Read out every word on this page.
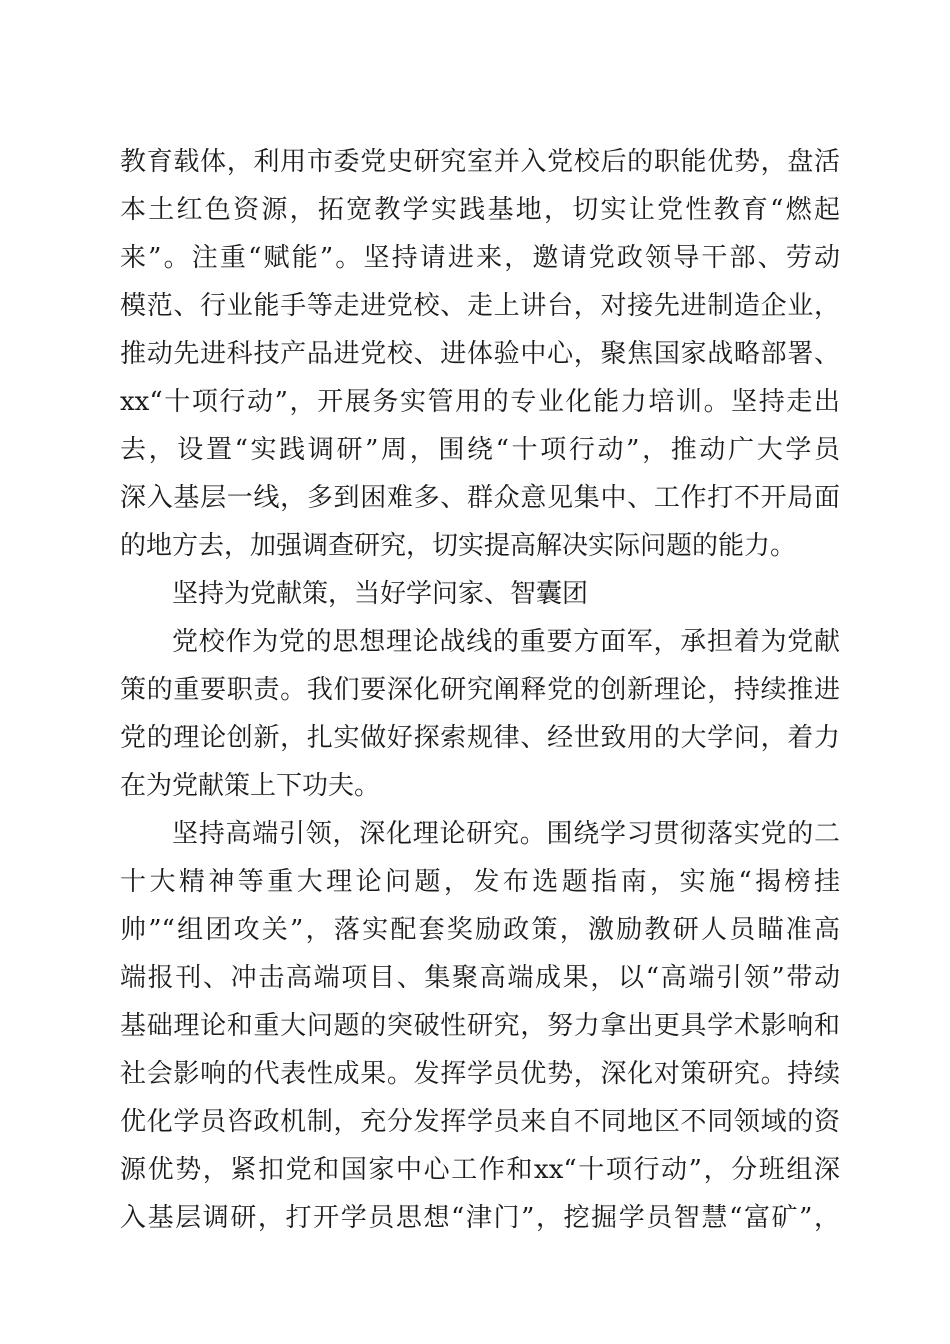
教育载体，利用市委党史研究室并入党校后的职能优势，盘活
本土红色资源，拓宽教学实践基地，切实让党性教育“燃起
来”。注重“赋能”。坚持请进来，邀请党政领导干部、劳动
模范、行业能手等走进党校、走上讲台，对接先进制造企业，
推动先进科技产品进党校、进体验中心，聚焦国家战略部署、
xx“十项行动”，开展务实管用的专业化能力培训。坚持走出
去，设置“实践调研”周，围绕“十项行动”，推动广大学员
深入基层一线，多到困难多、群众意见集中、工作打不开局面
的地方去，加强调查研究，切实提高解决实际问题的能力。
坚持为党献策，当好学问家、智囊团
党校作为党的思想理论战线的重要方面军，承担着为党献
策的重要职责。我们要深化研究阐释党的创新理论，持续推进
党的理论创新，扎实做好探索规律、经世致用的大学问，着力
在为党献策上下功夫。
坚持高端引领，深化理论研究。围绕学习贯彻落实党的二
十大精神等重大理论问题，发布选题指南，实施“揭榜挂
帅”“组团攻关”，落实配套奖励政策，激励教研人员瞄准高
端报刊、冲击高端项目、集聚高端成果，以“高端引领”带动
基础理论和重大问题的突破性研究，努力拿出更具学术影响和
社会影响的代表性成果。发挥学员优势，深化对策研究。持续
优化学员咨政机制，充分发挥学员来自不同地区不同领域的资
源优势，紧扣党和国家中心工作和xx“十项行动”，分班组深
入基层调研，打开学员思想“津门”，挖掘学员智慧“富矿”，
